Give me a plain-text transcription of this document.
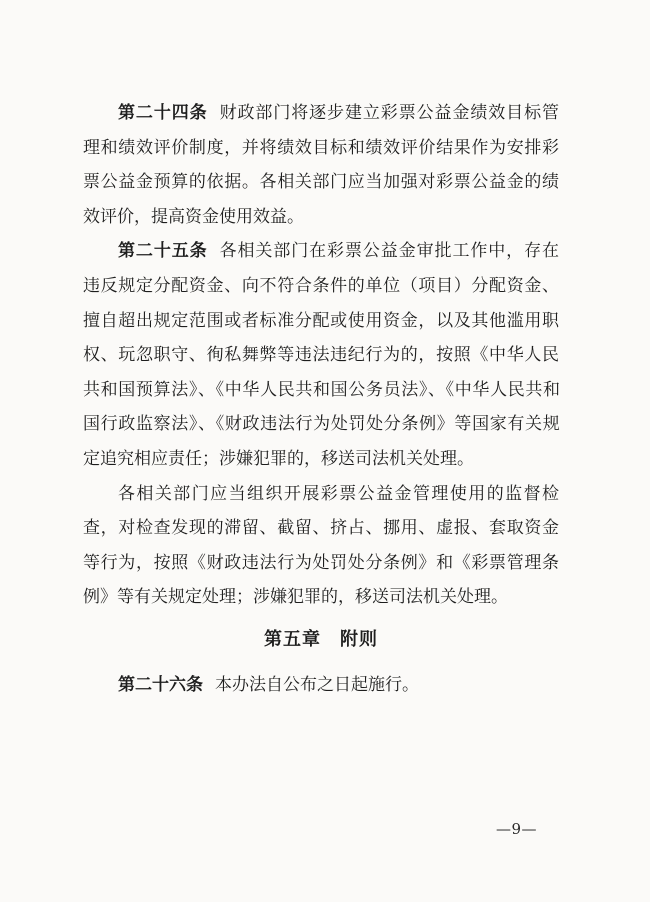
第二十四条 财政部门将逐步建立彩票公益金绩效目标管
理和绩效评价制度，并将绩效目标和绩效评价结果作为安排彩
票公益金预算的依据。各相关部门应当加强对彩票公益金的绩
效评价，提高资金使用效益。
第二十五条 各相关部门在彩票公益金审批工作中，存在
违反规定分配资金、向不符合条件的单位（项目）分配资金、
擅自超出规定范围或者标准分配或使用资金，以及其他滥用职
权、玩忽职守、徇私舞弊等违法违纪行为的，按照《中华人民
共和国预算法》、《中华人民共和国公务员法》、《中华人民共和
国行政监察法》、《财政违法行为处罚处分条例》等国家有关规
定追究相应责任；涉嫌犯罪的，移送司法机关处理。
各相关部门应当组织开展彩票公益金管理使用的监督检
查，对检查发现的滞留、截留、挤占、挪用、虚报、套取资金
等行为，按照《财政违法行为处罚处分条例》和《彩票管理条
例》等有关规定处理；涉嫌犯罪的，移送司法机关处理。
第五章　附则
第二十六条 本办法自公布之日起施行。
—9—
